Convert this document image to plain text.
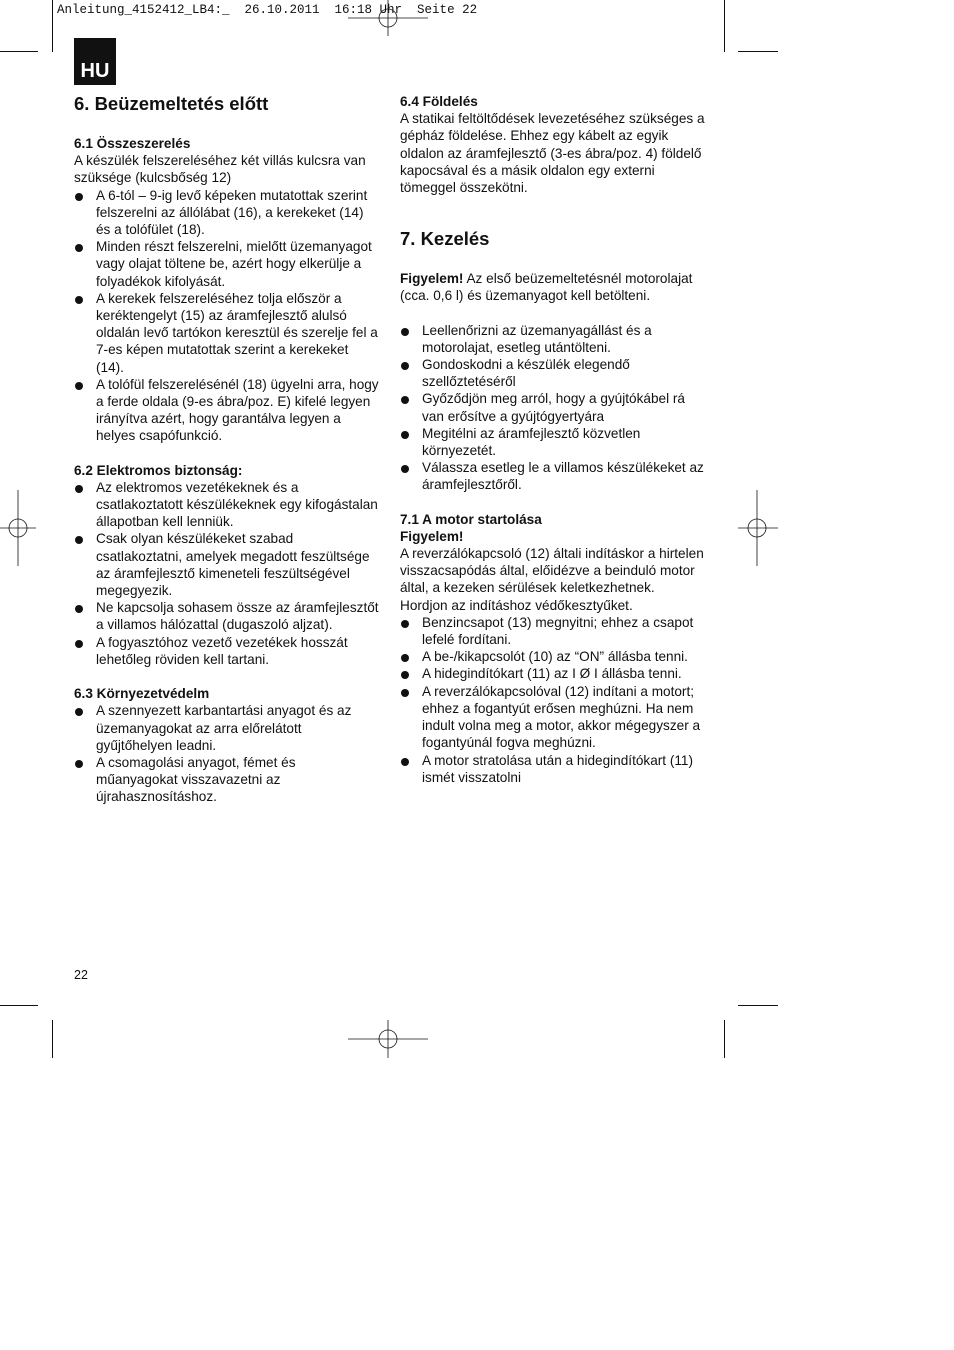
Anleitung_4152412_LB4:_  26.10.2011  16:18 Uhr  Seite 22
HU
6. Beüzemeltetés előtt
6.1 Összeszerelés

A készülék felszereléséhez két villás kulcsra van szüksége (kulcsbőség 12)

A 6-tól – 9-ig levő képeken mutatottak szerint felszerelni az állólábat (16), a kerekeket (14) és a tolófület (18).
Minden részt felszerelni, mielőtt üzemanyagot vagy olajat töltene be, azért hogy elkerülje a folyadékok kifolyását.
A kerekek felszereléséhez tolja először a keréktengelyt (15) az áramfejlesztő alulsó oldalán levő tartókon keresztül és szerelje fel a 7-es képen mutatottak szerint a kerekeket (14).
A tolófül felszerelésénél (18) ügyelni arra, hogy a ferde oldala (9-es ábra/poz. E) kifelé legyen irányítva azért, hogy garantálva legyen a helyes csapófunkció.
6.2 Elektromos biztonság:
Az elektromos vezetékeknek és a csatlakoztatott készülékeknek egy kifogástalan állapotban kell lenniük.
Csak olyan készülékeket szabad csatlakoztatni, amelyek megadott feszültsége az áramfejlesztő kimeneteli feszültségével megegyezik.
Ne kapcsolja sohasem össze az áramfejlesztőt a villamos hálózattal (dugaszoló aljzat).
A fogyasztóhoz vezető vezetékek hosszát lehetőleg röviden kell tartani.
6.3 Környezetvédelm
A szennyezett karbantartási anyagot és az üzemanyagokat az arra előrelátott gyűjtőhelyen leadni.
A csomagolási anyagot, fémet és műanyagokat visszavazetni az újrahasznosításhoz.
6.4 Földelés

A statikai feltöltődések levezetéséhez szükséges a gépház földelése. Ehhez egy kábelt az egyik oldalon az áramfejlesztő (3-es ábra/poz. 4) földelő kapocsával és a másik oldalon egy externi tömeggel összekötni.

7. Kezelés

Figyelem! Az első beüzemeltetésnél motorolajat (cca. 0,6 l) és üzemanyagot kell betölteni.

Leellenőrizni az üzemanyagállást és a motorolajat, esetleg utántölteni.
Gondoskodni a készülék elegendő szellőztetéséről
Győződjön meg arról, hogy a gyújtókábel rá van erősítve a gyújtógyertyára
Megitélni az áramfejlesztő közvetlen környezetét.
Válassza esetleg le a villamos készülékeket az áramfejlesztőről.
7.1 A motor startolása
Figyelem!

A reverzálókapcsoló (12) általi indításkor a hirtelen visszacsapódás által, előidézve a beinduló motor által, a kezeken sérülések keletkezhetnek. Hordjon az indításhoz védőkesztyűket.

Benzincsapot (13) megnyitni; ehhez a csapot lefelé fordítani.
A be-/kikapcsolót (10) az “ON” állásba tenni.
A hidegindítókart (11) az I Ø I állásba tenni.
A reverzálókapcsolóval (12) indítani a motort; ehhez a fogantyút erősen meghúzni. Ha nem indult volna meg a motor, akkor mégegyszer a fogantyúnál fogva meghúzni.
A motor stratolása után a hidegindítókart (11) ismét visszatolni
22
